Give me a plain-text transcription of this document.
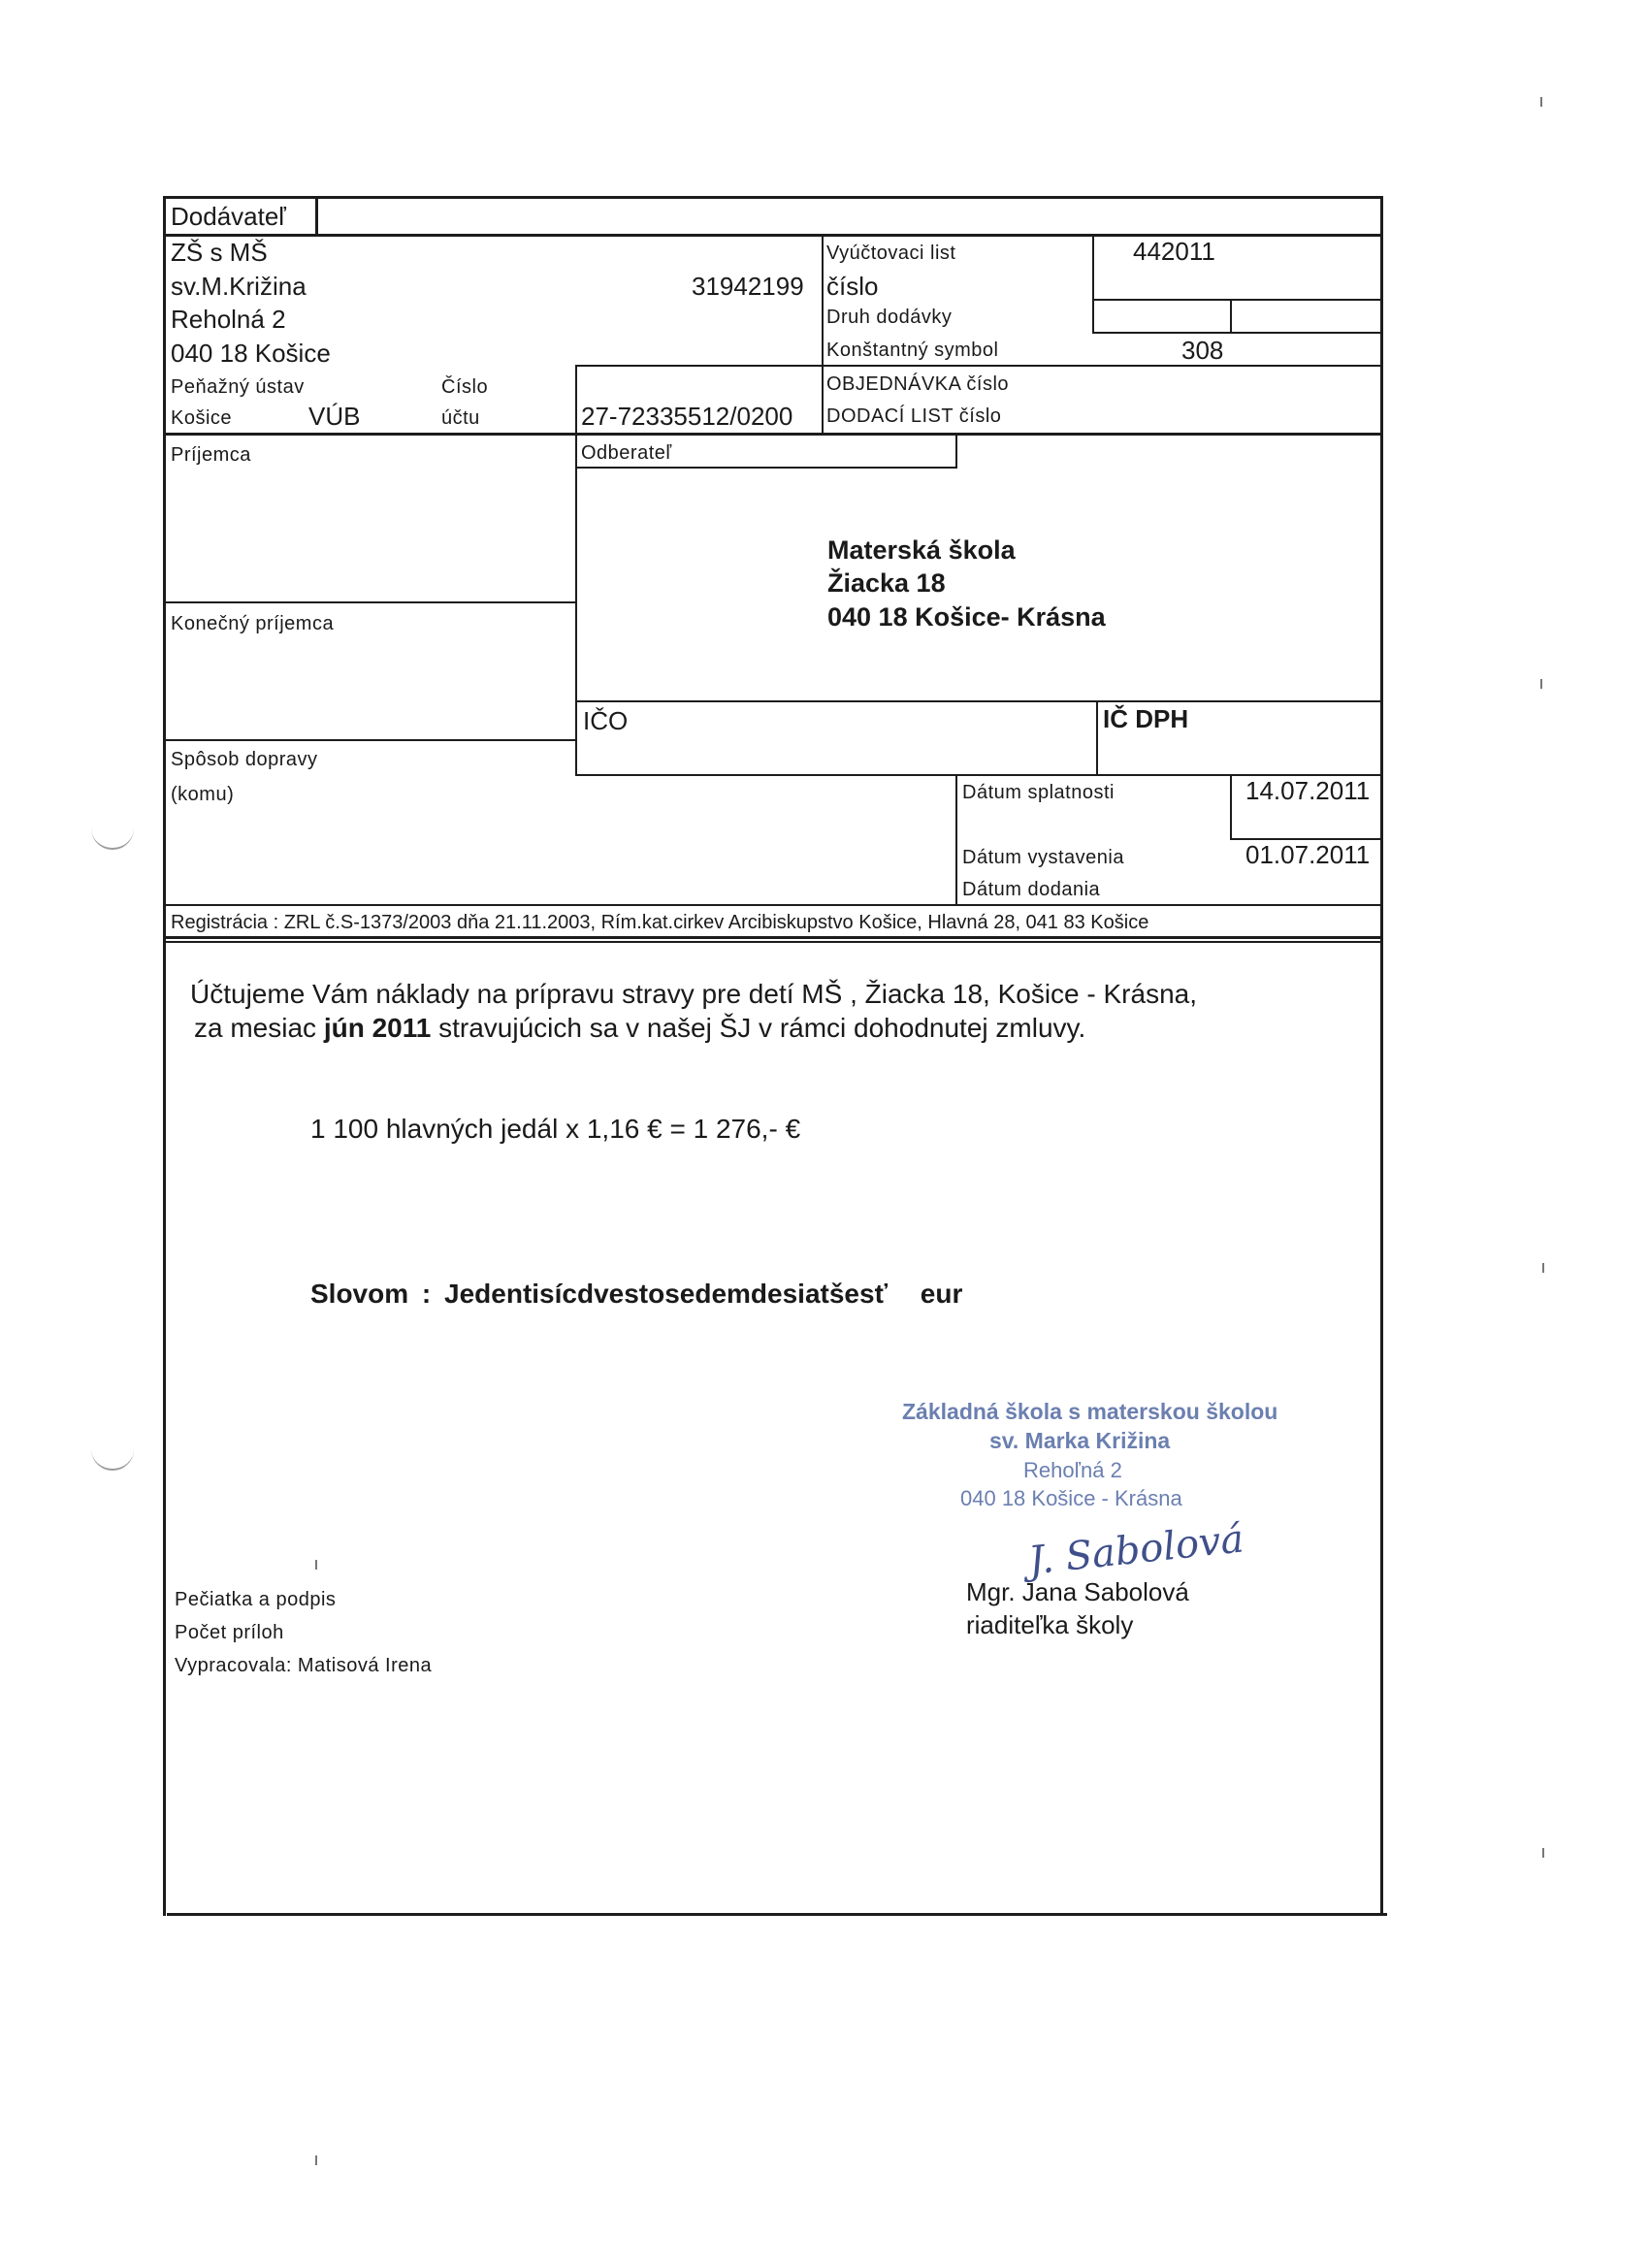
Dodávateľ
ZŠ s MŠ
sv.M.Križina
Reholná 2
040 18 Košice
31942199
Peňažný ústav
Košice	VÚB
Číslo
účtu	27-72335512/0200
Vyúčtovaci list
číslo
442011
Druh dodávky
Konštantný symbol	308
OBJEDNÁVKA číslo
DODACÍ LIST číslo
Príjemca	Odberateľ
Materská škola
Žiacka 18
040 18 Košice- Krásna
Konečný príjemca
IČO	IČ DPH
Spôsob dopravy
(komu)	Dátum splatnosti	14.07.2011
Dátum vystavenia	01.07.2011
Dátum dodania
Registrácia : ZRL č.S-1373/2003 dňa 21.11.2003, Rím.kat.cirkev Arcibiskupstvo Košice, Hlavná 28, 041 83 Košice
Účtujeme Vám náklady na prípravu stravy pre detí MŠ , Žiacka 18, Košice - Krásna,
za mesiac jún 2011 stravujúcich sa v našej ŠJ v rámci dohodnutej zmluvy.
1 100 hlavných jedál x 1,16 € = 1 276,- €
Slovom : Jedentisícdvestosedemdesiatšesť eur
Základná škola s materskou školou
sv. Marka Križina
Rehoľná 2
040 18 Košice - Krásna
J. Sabolová
Mgr. Jana Sabolová
riaditeľka školy
Pečiatka a podpis
Počet príloh
Vypracovala: Matisová Irena
